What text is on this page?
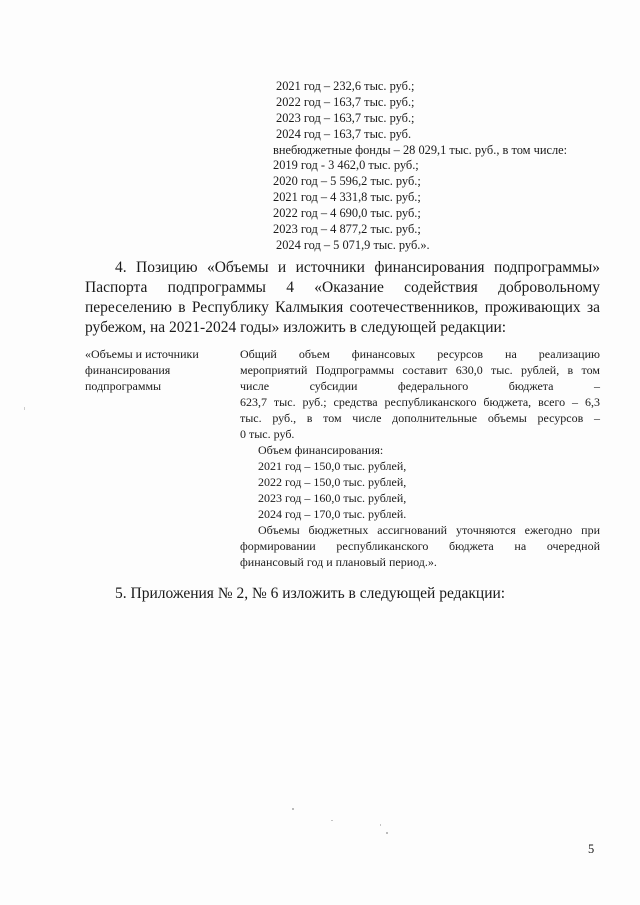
2021 год – 232,6 тыс. руб.;
2022 год – 163,7 тыс. руб.;
2023 год – 163,7 тыс. руб.;
2024 год – 163,7 тыс. руб.
внебюджетные фонды – 28 029,1 тыс. руб., в том числе:
2019 год - 3 462,0 тыс. руб.;
2020 год – 5 596,2 тыс. руб.;
2021 год – 4 331,8 тыс. руб.;
2022 год – 4 690,0 тыс. руб.;
2023 год – 4 877,2 тыс. руб.;
2024 год – 5 071,9 тыс. руб.».
4. Позицию «Объемы и источники финансирования подпрограммы»
Паспорта подпрограммы 4 «Оказание содействия добровольному
переселению в Республику Калмыкия соотечественников, проживающих за
рубежом, на 2021-2024 годы» изложить в следующей редакции:
«Объемы и источники
финансирования
подпрограммы
Общий объем финансовых ресурсов на реализацию
мероприятий Подпрограммы составит 630,0 тыс. рублей, в том
числе субсидии федерального бюджета –
623,7 тыс. руб.; средства республиканского бюджета, всего – 6,3
тыс. руб., в том числе дополнительные объемы ресурсов –
0 тыс. руб.
Объем финансирования:
2021 год – 150,0 тыс. рублей,
2022 год – 150,0 тыс. рублей,
2023 год – 160,0 тыс. рублей,
2024 год – 170,0 тыс. рублей.
Объемы бюджетных ассигнований уточняются ежегодно при
формировании республиканского бюджета на очередной
финансовый год и плановый период.».
5. Приложения № 2, № 6 изложить в следующей редакции:
5
